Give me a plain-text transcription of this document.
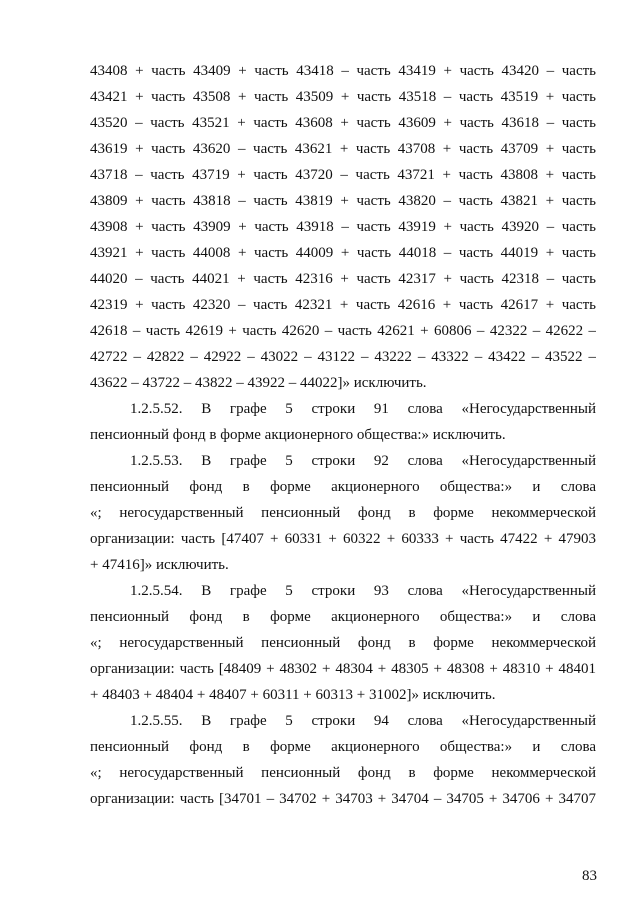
43408 + часть 43409 + часть 43418 – часть 43419 + часть 43420 – часть
43421 + часть 43508 + часть 43509 + часть 43518 – часть 43519 + часть
43520 – часть 43521 + часть 43608 + часть 43609 + часть 43618 – часть
43619 + часть 43620 – часть 43621 + часть 43708 + часть 43709 + часть
43718 – часть 43719 + часть 43720 – часть 43721 + часть 43808 + часть
43809 + часть 43818 – часть 43819 + часть 43820 – часть 43821 + часть
43908 + часть 43909 + часть 43918 – часть 43919 + часть 43920 – часть
43921 + часть 44008 + часть 44009 + часть 44018 – часть 44019 + часть
44020 – часть 44021 + часть 42316 + часть 42317 + часть 42318 – часть
42319 + часть 42320 – часть 42321 + часть 42616 + часть 42617 + часть
42618 – часть 42619 + часть 42620 – часть 42621 + 60806 – 42322 – 42622 –
42722 – 42822 – 42922 – 43022 – 43122 – 43222 – 43322 – 43422 – 43522 –
43622 – 43722 – 43822 – 43922 – 44022]» исключить.
1.2.5.52. В графе 5 строки 91 слова «Негосударственный
пенсионный фонд в форме акционерного общества:» исключить.
1.2.5.53. В графе 5 строки 92 слова «Негосударственный
пенсионный фонд в форме акционерного общества:» и слова
«; негосударственный пенсионный фонд в форме некоммерческой
организации: часть [47407 + 60331 + 60322 + 60333 + часть 47422 + 47903
+ 47416]» исключить.
1.2.5.54. В графе 5 строки 93 слова «Негосударственный
пенсионный фонд в форме акционерного общества:» и слова
«; негосударственный пенсионный фонд в форме некоммерческой
организации: часть [48409 + 48302 + 48304 + 48305 + 48308 + 48310 + 48401
+ 48403 + 48404 + 48407 + 60311 + 60313 + 31002]» исключить.
1.2.5.55. В графе 5 строки 94 слова «Негосударственный
пенсионный фонд в форме акционерного общества:» и слова
«; негосударственный пенсионный фонд в форме некоммерческой
организации: часть [34701 – 34702 + 34703 + 34704 – 34705 + 34706 + 34707
83
